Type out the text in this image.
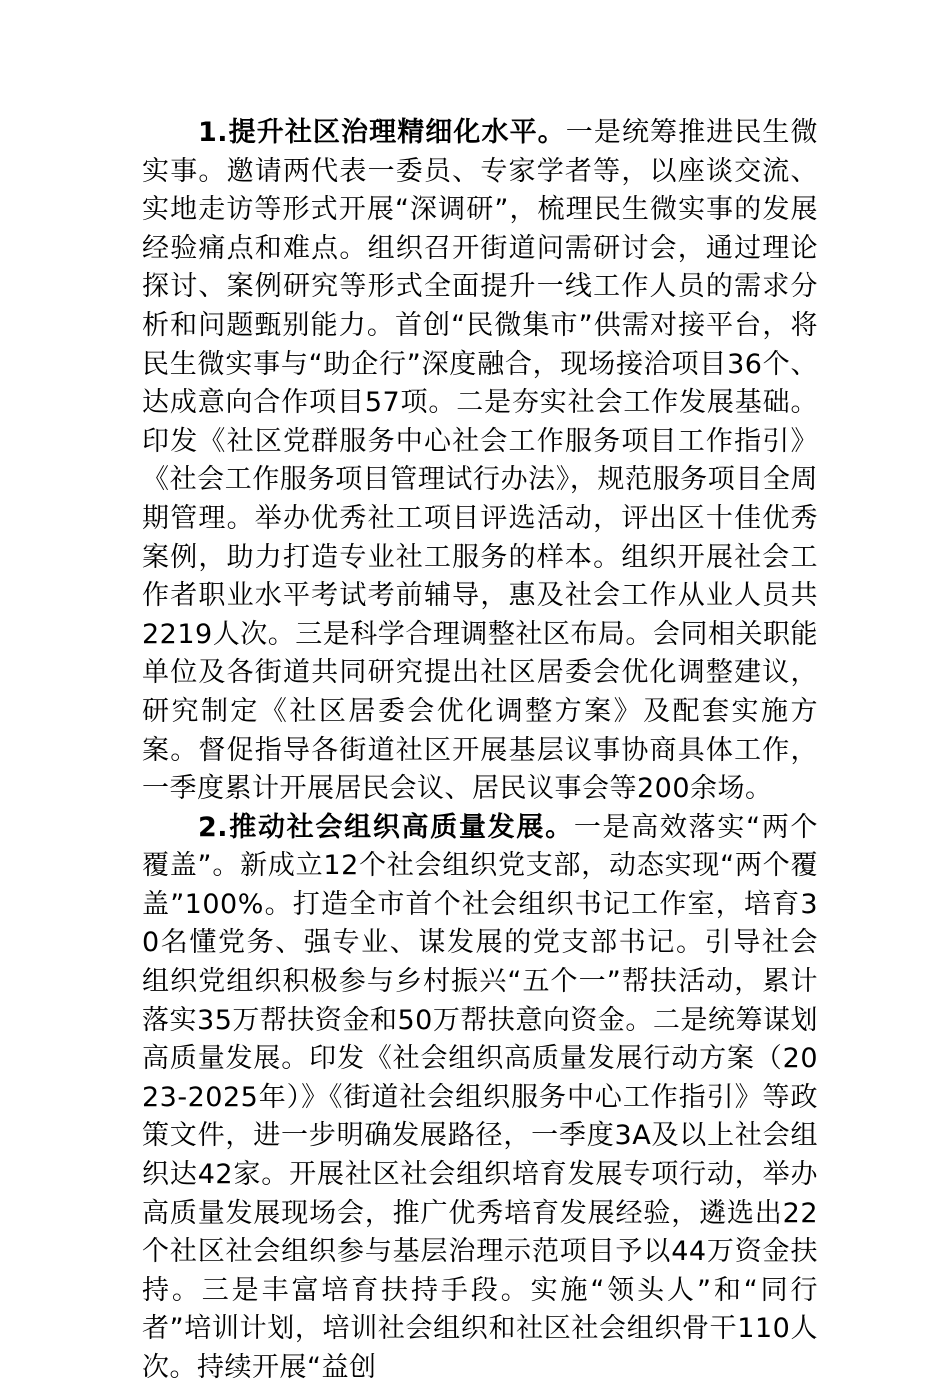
1.提升社区治理精细化水平。一是统筹推进民生微实事。邀请两代表一委员、专家学者等，以座谈交流、实地走访等形式开展“深调研”，梳理民生微实事的发展经验痛点和难点。组织召开街道问需研讨会，通过理论探讨、案例研究等形式全面提升一线工作人员的需求分析和问题甄别能力。首创“民微集市”供需对接平台，将民生微实事与“助企行”深度融合，现场接洽项目36个、达成意向合作项目57项。二是夯实社会工作发展基础。印发《社区党群服务中心社会工作服务项目工作指引》《社会工作服务项目管理试行办法》，规范服务项目全周期管理。举办优秀社工项目评选活动，评出区十佳优秀案例，助力打造专业社工服务的样本。组织开展社会工作者职业水平考试考前辅导，惠及社会工作从业人员共2219人次。三是科学合理调整社区布局。会同相关职能单位及各街道共同研究提出社区居委会优化调整建议，研究制定《社区居委会优化调整方案》及配套实施方案。督促指导各街道社区开展基层议事协商具体工作，一季度累计开展居民会议、居民议事会等200余场。

2.推动社会组织高质量发展。一是高效落实“两个覆盖”。新成立12个社会组织党支部，动态实现“两个覆盖”100%。打造全市首个社会组织书记工作室，培育30名懂党务、强专业、谋发展的党支部书记。引导社会组织党组织积极参与乡村振兴“五个一”帮扶活动，累计落实35万帮扶资金和50万帮扶意向资金。二是统筹谋划高质量发展。印发《社会组织高质量发展行动方案（2023-2025年）》《街道社会组织服务中心工作指引》等政策文件，进一步明确发展路径，一季度3A及以上社会组织达42家。开展社区社会组织培育发展专项行动，举办高质量发展现场会，推广优秀培育发展经验，遴选出22个社区社会组织参与基层治理示范项目予以44万资金扶持。三是丰富培育扶持手段。实施“领头人”和“同行者”培训计划，培训社会组织和社区社会组织骨干110人次。持续开展“益创
